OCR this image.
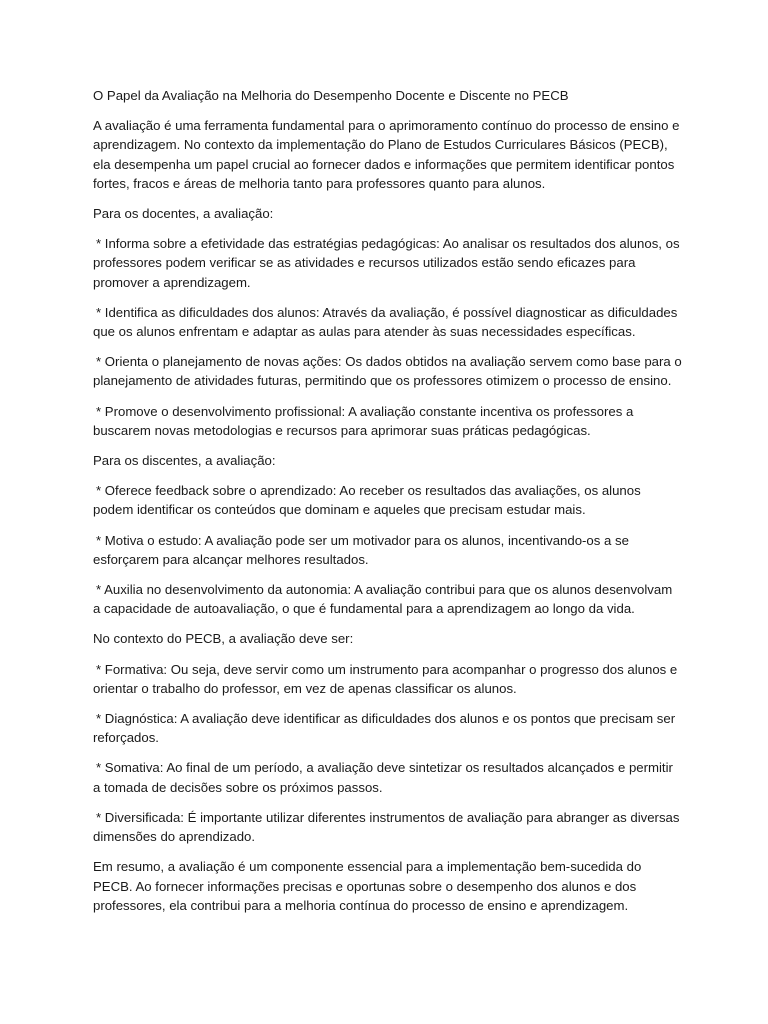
O Papel da Avaliação na Melhoria do Desempenho Docente e Discente no PECB

A avaliação é uma ferramenta fundamental para o aprimoramento contínuo do processo de ensino e aprendizagem. No contexto da implementação do Plano de Estudos Curriculares Básicos (PECB), ela desempenha um papel crucial ao fornecer dados e informações que permitem identificar pontos fortes, fracos e áreas de melhoria tanto para professores quanto para alunos.

Para os docentes, a avaliação:

* Informa sobre a efetividade das estratégias pedagógicas: Ao analisar os resultados dos alunos, os professores podem verificar se as atividades e recursos utilizados estão sendo eficazes para promover a aprendizagem.

* Identifica as dificuldades dos alunos: Através da avaliação, é possível diagnosticar as dificuldades que os alunos enfrentam e adaptar as aulas para atender às suas necessidades específicas.

* Orienta o planejamento de novas ações: Os dados obtidos na avaliação servem como base para o planejamento de atividades futuras, permitindo que os professores otimizem o processo de ensino.

* Promove o desenvolvimento profissional: A avaliação constante incentiva os professores a buscarem novas metodologias e recursos para aprimorar suas práticas pedagógicas.

Para os discentes, a avaliação:

* Oferece feedback sobre o aprendizado: Ao receber os resultados das avaliações, os alunos podem identificar os conteúdos que dominam e aqueles que precisam estudar mais.

* Motiva o estudo: A avaliação pode ser um motivador para os alunos, incentivando-os a se esforçarem para alcançar melhores resultados.

* Auxilia no desenvolvimento da autonomia: A avaliação contribui para que os alunos desenvolvam a capacidade de autoavaliação, o que é fundamental para a aprendizagem ao longo da vida.

No contexto do PECB, a avaliação deve ser:

* Formativa: Ou seja, deve servir como um instrumento para acompanhar o progresso dos alunos e orientar o trabalho do professor, em vez de apenas classificar os alunos.

* Diagnóstica: A avaliação deve identificar as dificuldades dos alunos e os pontos que precisam ser reforçados.

* Somativa: Ao final de um período, a avaliação deve sintetizar os resultados alcançados e permitir a tomada de decisões sobre os próximos passos.

* Diversificada: É importante utilizar diferentes instrumentos de avaliação para abranger as diversas dimensões do aprendizado.

Em resumo, a avaliação é um componente essencial para a implementação bem-sucedida do PECB. Ao fornecer informações precisas e oportunas sobre o desempenho dos alunos e dos professores, ela contribui para a melhoria contínua do processo de ensino e aprendizagem.
